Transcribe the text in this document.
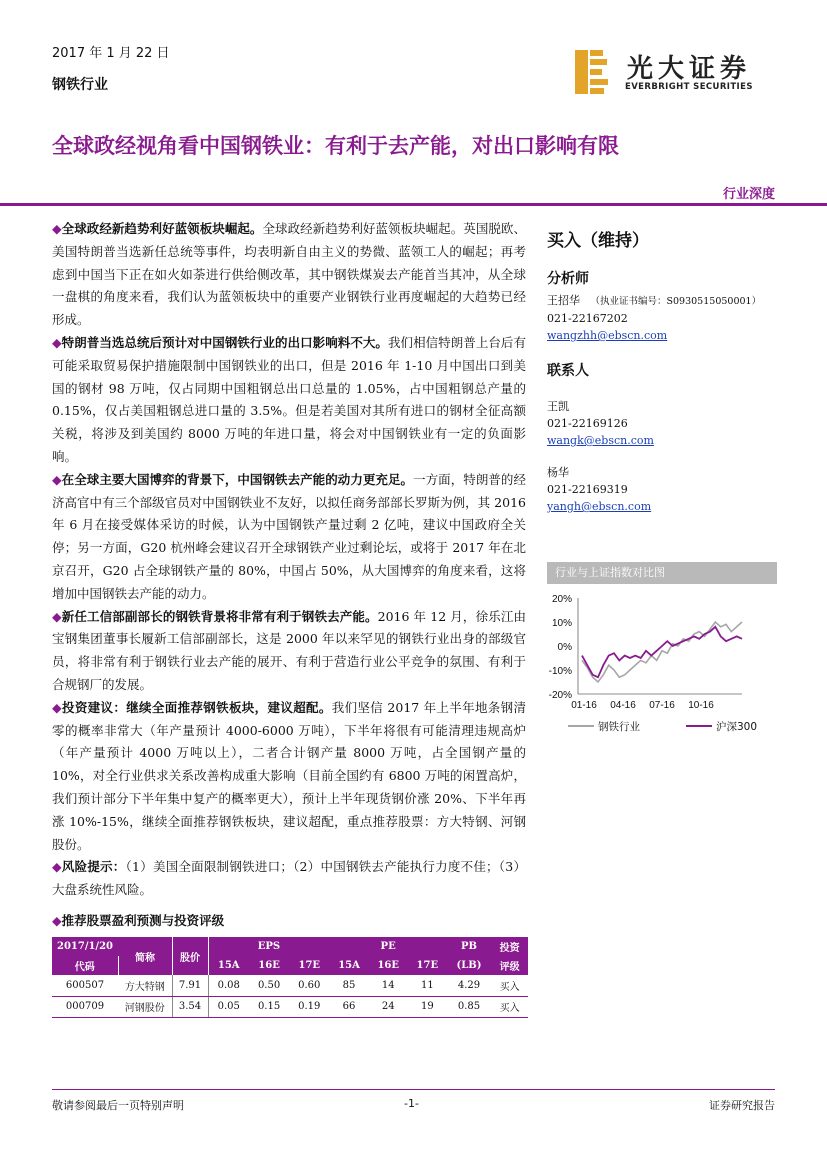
2017 年 1 月 22 日
钢铁行业
光大证券
EVERBRIGHT SECURITIES
全球政经视角看中国钢铁业：有利于去产能，对出口影响有限
行业深度

◆全球政经新趋势利好蓝领板块崛起。全球政经新趋势利好蓝领板块崛起。英国脱欧、美国特朗普当选新任总统等事件，均表明新自由主义的势微、蓝领工人的崛起；再考虑到中国当下正在如火如荼进行供给侧改革，其中钢铁煤炭去产能首当其冲，从全球一盘棋的角度来看，我们认为蓝领板块中的重要产业钢铁行业再度崛起的大趋势已经形成。

◆特朗普当选总统后预计对中国钢铁行业的出口影响料不大。我们相信特朗普上台后有可能采取贸易保护措施限制中国钢铁业的出口，但是 2016 年 1-10 月中国出口到美国的钢材 98 万吨，仅占同期中国粗钢总出口总量的 1.05%，占中国粗钢总产量的 0.15%，仅占美国粗钢总进口量的 3.5%。但是若美国对其所有进口的钢材全征高额关税，将涉及到美国约 8000 万吨的年进口量，将会对中国钢铁业有一定的负面影响。

◆在全球主要大国博弈的背景下，中国钢铁去产能的动力更充足。一方面，特朗普的经济高官中有三个部级官员对中国钢铁业不友好，以拟任商务部部长罗斯为例，其 2016 年 6 月在接受媒体采访的时候，认为中国钢铁产量过剩 2 亿吨，建议中国政府全关停；另一方面，G20 杭州峰会建议召开全球钢铁产业过剩论坛，或将于 2017 年在北京召开，G20 占全球钢铁产量的 80%，中国占 50%，从大国博弈的角度来看，这将增加中国钢铁去产能的动力。

◆新任工信部副部长的钢铁背景将非常有利于钢铁去产能。2016 年 12 月，徐乐江由宝钢集团董事长履新工信部副部长，这是 2000 年以来罕见的钢铁行业出身的部级官员，将非常有利于钢铁行业去产能的展开、有利于营造行业公平竞争的氛围、有利于合规钢厂的发展。

◆投资建议：继续全面推荐钢铁板块，建议超配。我们坚信 2017 年上半年地条钢清零的概率非常大（年产量预计 4000-6000 万吨），下半年将很有可能清理违规高炉（年产量预计 4000 万吨以上），二者合计钢产量 8000 万吨，占全国钢产量的 10%，对全行业供求关系改善构成重大影响（目前全国约有 6800 万吨的闲置高炉，我们预计部分下半年集中复产的概率更大），预计上半年现货钢价涨 20%、下半年再涨 10%-15%，继续全面推荐钢铁板块，建议超配，重点推荐股票：方大特钢、河钢股份。

◆风险提示：（1）美国全面限制钢铁进口；（2）中国钢铁去产能执行力度不佳；（3）大盘系统性风险。

买入（维持）
分析师
王招华 （执业证书编号：S0930515050001）
021-22167202
wangzhh@ebscn.com
联系人
王凯
021-22169126
wangk@ebscn.com
杨华
021-22169319
yangh@ebscn.com
行业与上证指数对比图
20%
10%
0%
-10%
-20%
01-16 04-16 07-16 10-16
钢铁行业	沪深300
◆推荐股票盈利预测与投资评级
2017/1/20	简称	股价	EPS			PE			PB	投资
代码			15A	16E	17E	15A	16E	17E	(LB)	评级
600507	方大特钢	7.91	0.08	0.50	0.60	85	14	11	4.29	买入
000709	河钢股份	3.54	0.05	0.15	0.19	66	24	19	0.85	买入
敬请参阅最后一页特别声明	-1-	证券研究报告
